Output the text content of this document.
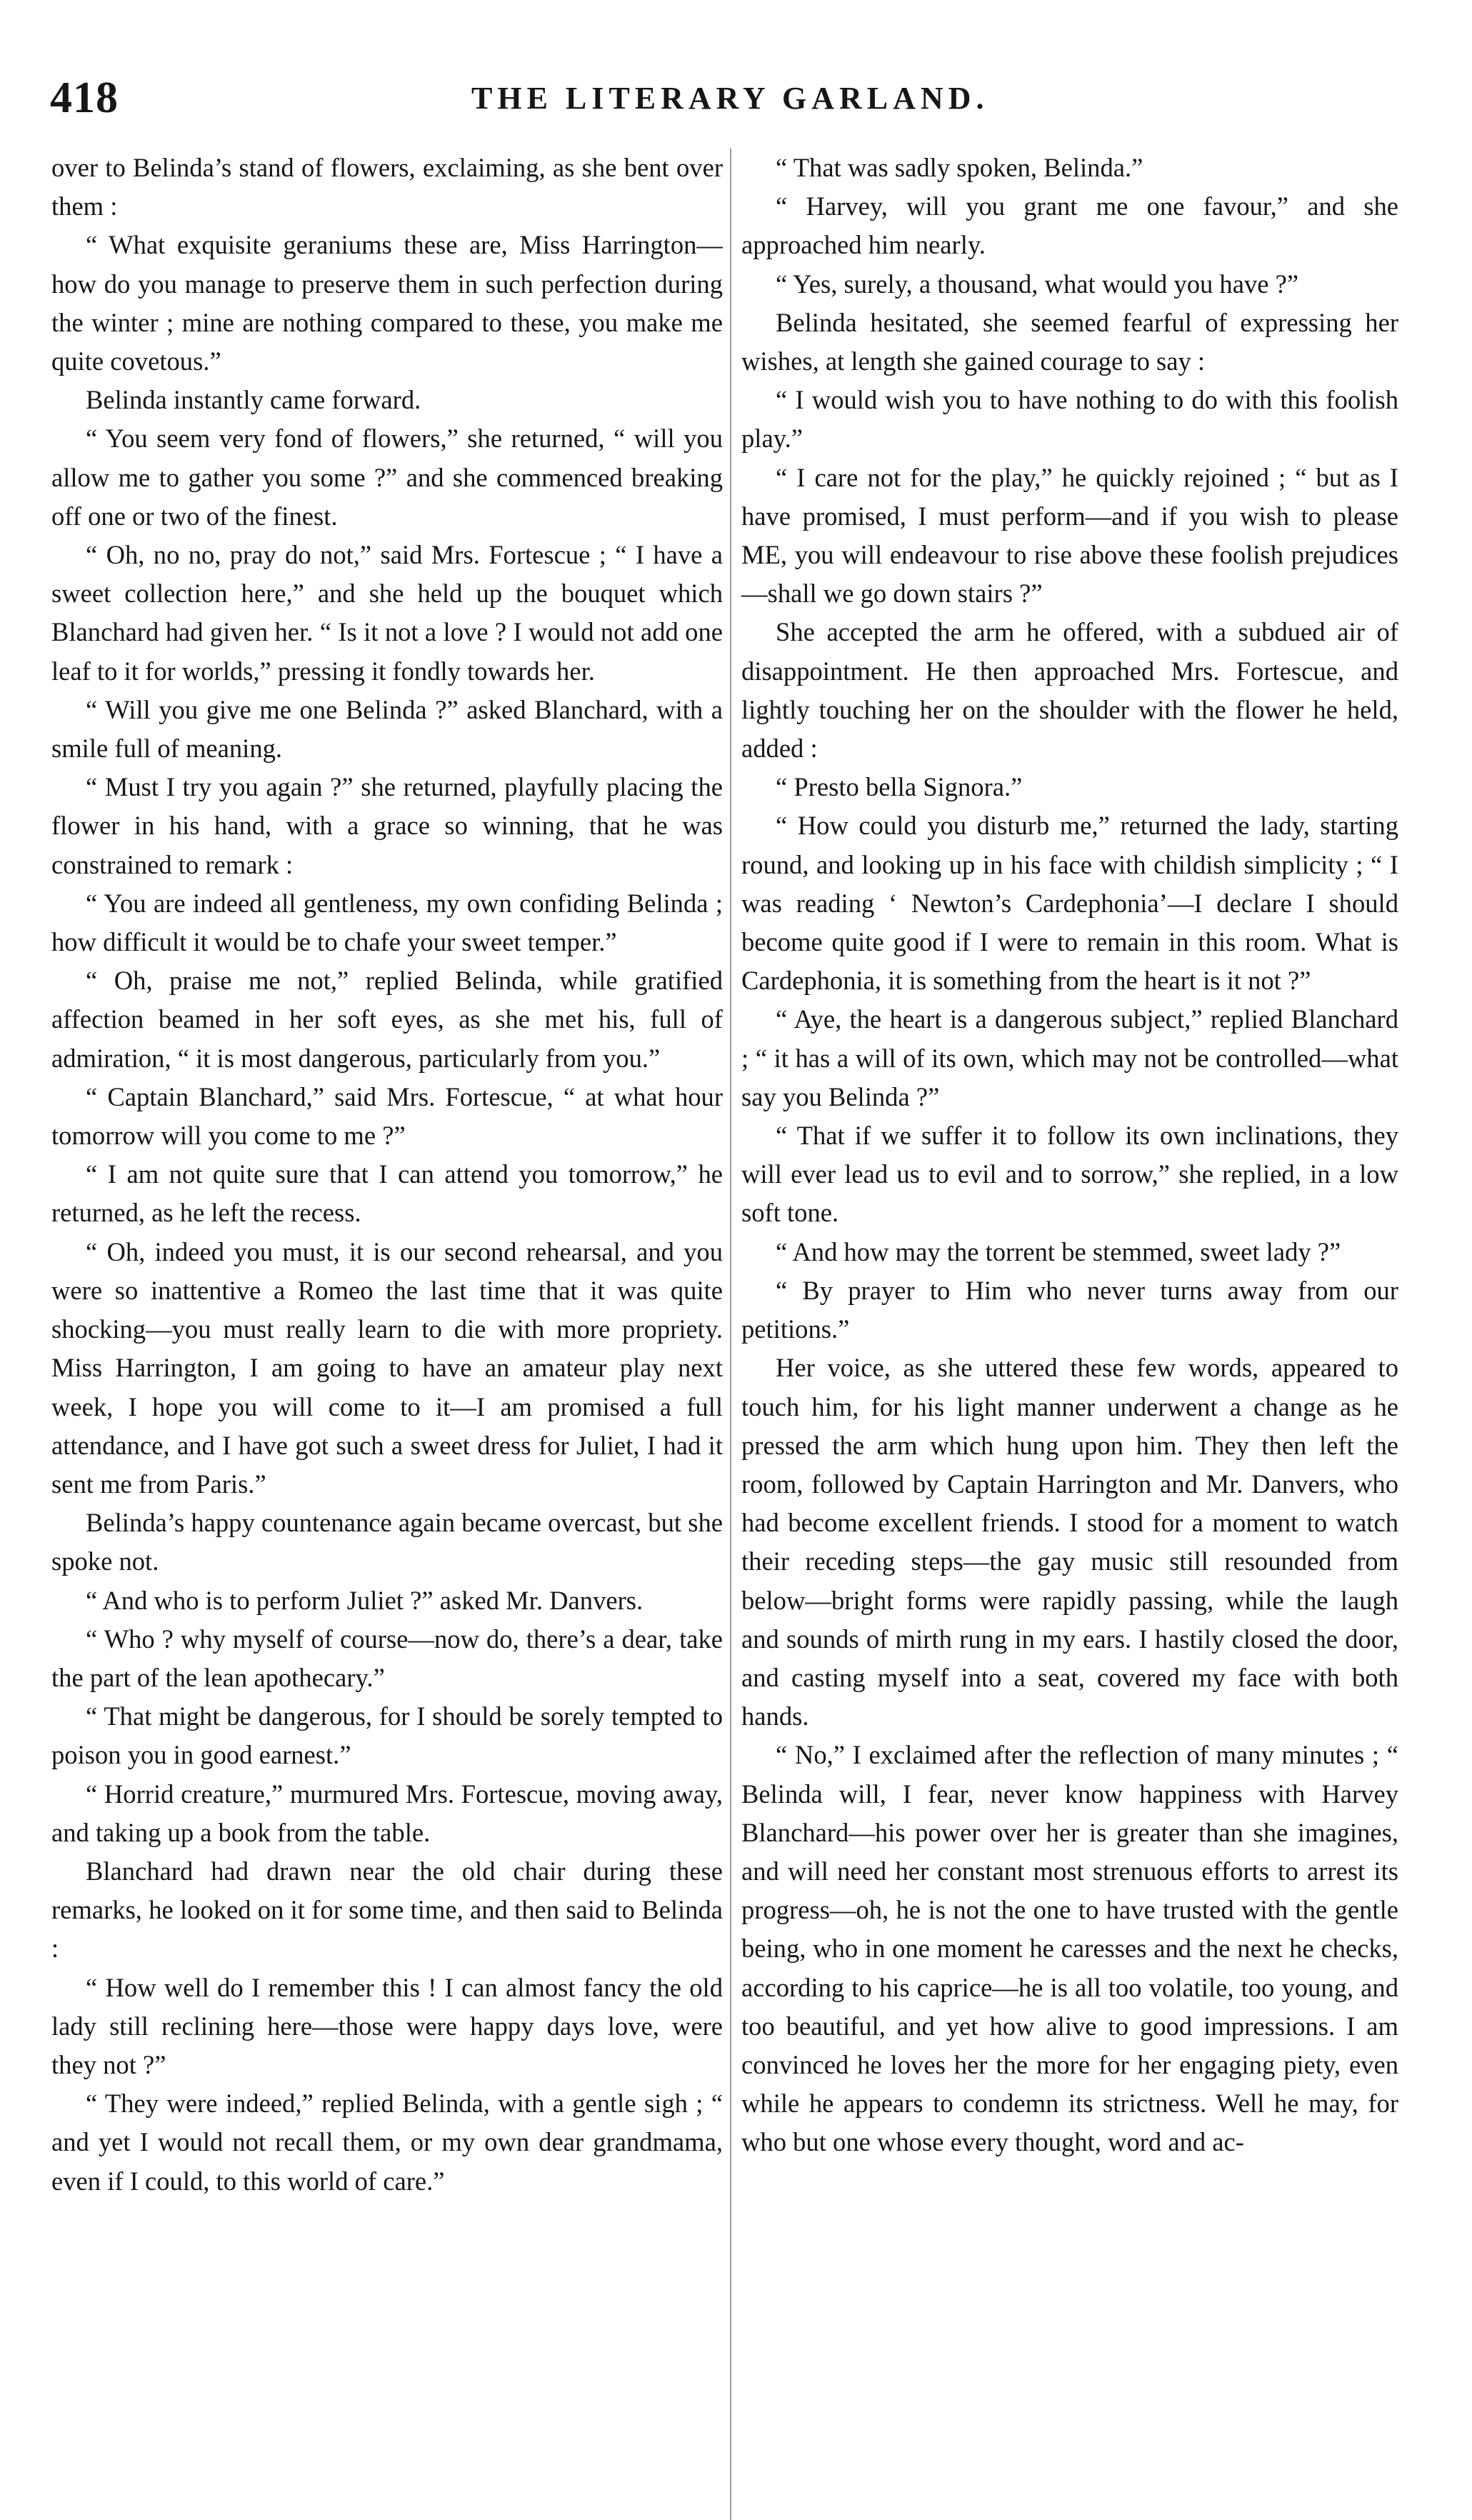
418	THE LITERARY GARLAND.

over to Belinda’s stand of flowers, exclaiming, as she bent over them :

“ What exquisite geraniums these are, Miss Harrington—how do you manage to preserve them in such perfection during the winter ; mine are nothing compared to these, you make me quite covetous.”

Belinda instantly came forward.

“ You seem very fond of flowers,” she returned, “ will you allow me to gather you some ?” and she commenced breaking off one or two of the finest.

“ Oh, no no, pray do not,” said Mrs. Fortescue ; “ I have a sweet collection here,” and she held up the bouquet which Blanchard had given her. “ Is it not a love ? I would not add one leaf to it for worlds,” pressing it fondly towards her.

“ Will you give me one Belinda ?” asked Blanchard, with a smile full of meaning.

“ Must I try you again ?” she returned, playfully placing the flower in his hand, with a grace so winning, that he was constrained to remark :

“ You are indeed all gentleness, my own confiding Belinda ; how difficult it would be to chafe your sweet temper.”

“ Oh, praise me not,” replied Belinda, while gratified affection beamed in her soft eyes, as she met his, full of admiration, “ it is most dangerous, particularly from you.”

“ Captain Blanchard,” said Mrs. Fortescue, “ at what hour tomorrow will you come to me ?”

“ I am not quite sure that I can attend you tomorrow,” he returned, as he left the recess.

“ Oh, indeed you must, it is our second rehearsal, and you were so inattentive a Romeo the last time that it was quite shocking—you must really learn to die with more propriety. Miss Harrington, I am going to have an amateur play next week, I hope you will come to it—I am promised a full attendance, and I have got such a sweet dress for Juliet, I had it sent me from Paris.”

Belinda’s happy countenance again became overcast, but she spoke not.

“ And who is to perform Juliet ?” asked Mr. Danvers.

“ Who ? why myself of course—now do, there’s a dear, take the part of the lean apothecary.”

“ That might be dangerous, for I should be sorely tempted to poison you in good earnest.”

“ Horrid creature,” murmured Mrs. Fortescue, moving away, and taking up a book from the table.

Blanchard had drawn near the old chair during these remarks, he looked on it for some time, and then said to Belinda :

“ How well do I remember this ! I can almost fancy the old lady still reclining here—those were happy days love, were they not ?”

“ They were indeed,” replied Belinda, with a gentle sigh ; “ and yet I would not recall them, or my own dear grandmama, even if I could, to this world of care.”

“ That was sadly spoken, Belinda.”

“ Harvey, will you grant me one favour,” and she approached him nearly.

“ Yes, surely, a thousand, what would you have ?”

Belinda hesitated, she seemed fearful of expressing her wishes, at length she gained courage to say :

“ I would wish you to have nothing to do with this foolish play.”

“ I care not for the play,” he quickly rejoined ; “ but as I have promised, I must perform—and if you wish to please ME, you will endeavour to rise above these foolish prejudices—shall we go down stairs ?”

She accepted the arm he offered, with a subdued air of disappointment. He then approached Mrs. Fortescue, and lightly touching her on the shoulder with the flower he held, added :

“ Presto bella Signora.”

“ How could you disturb me,” returned the lady, starting round, and looking up in his face with childish simplicity ; “ I was reading ‘ Newton’s Cardephonia’—I declare I should become quite good if I were to remain in this room. What is Cardephonia, it is something from the heart is it not ?”

“ Aye, the heart is a dangerous subject,” replied Blanchard ; “ it has a will of its own, which may not be controlled—what say you Belinda ?”

“ That if we suffer it to follow its own inclinations, they will ever lead us to evil and to sorrow,” she replied, in a low soft tone.

“ And how may the torrent be stemmed, sweet lady ?”

“ By prayer to Him who never turns away from our petitions.”

Her voice, as she uttered these few words, appeared to touch him, for his light manner underwent a change as he pressed the arm which hung upon him. They then left the room, followed by Captain Harrington and Mr. Danvers, who had become excellent friends. I stood for a moment to watch their receding steps—the gay music still resounded from below—bright forms were rapidly passing, while the laugh and sounds of mirth rung in my ears. I hastily closed the door, and casting myself into a seat, covered my face with both hands.

“ No,” I exclaimed after the reflection of many minutes ; “ Belinda will, I fear, never know happiness with Harvey Blanchard—his power over her is greater than she imagines, and will need her constant most strenuous efforts to arrest its progress—oh, he is not the one to have trusted with the gentle being, who in one moment he caresses and the next he checks, according to his caprice—he is all too volatile, too young, and too beautiful, and yet how alive to good impressions. I am convinced he loves her the more for her engaging piety, even while he appears to condemn its strictness. Well he may, for who but one whose every thought, word and ac-
